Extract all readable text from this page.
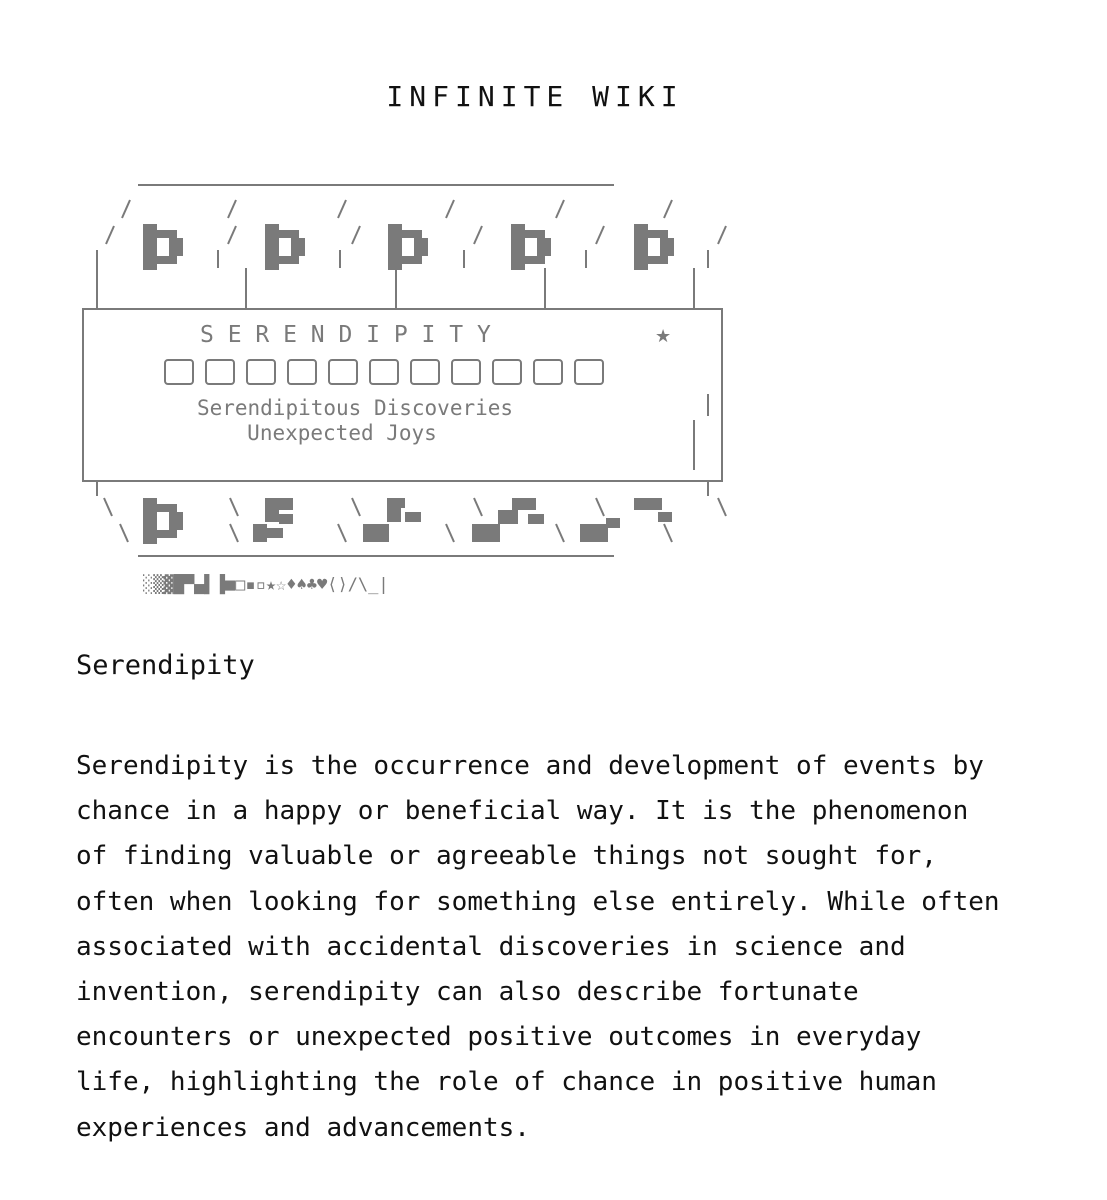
INFINITE WIKI
S E R E N D I P I T Y	★
Serendipitous Discoveries
Unexpected Joys
░▒▓█▀▄▌▐■□▪▫★☆♦♠♣♥⟨⟩/\_|
Serendipity

Serendipity is the occurrence and development of events by chance in a happy or beneficial way. It is the phenomenon of finding valuable or agreeable things not sought for, often when looking for something else entirely. While often associated with accidental discoveries in science and invention, serendipity can also describe fortunate encounters or unexpected positive outcomes in everyday life, highlighting the role of chance in positive human experiences and advancements.
